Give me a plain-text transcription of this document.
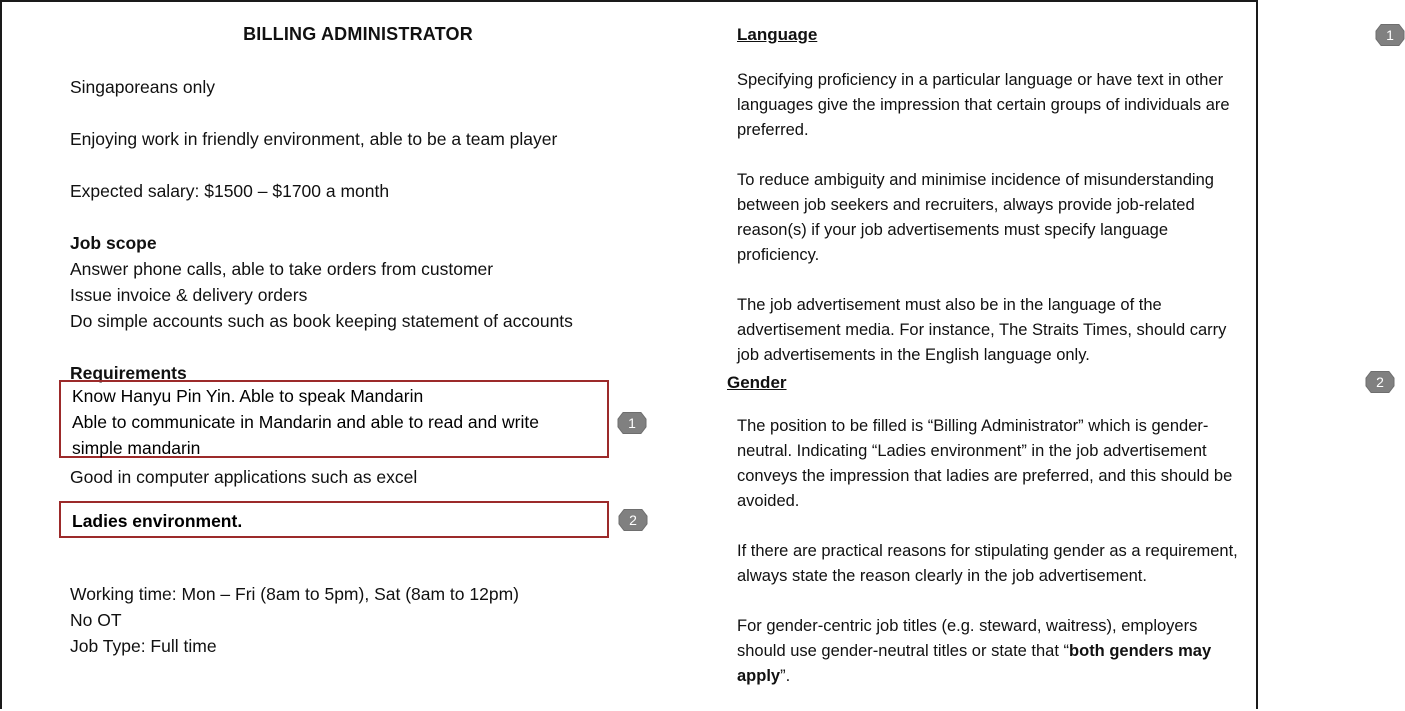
BILLING ADMINISTRATOR
Singaporeans only
Enjoying work in friendly environment, able to be a team player
Expected salary: $1500 – $1700 a month
Job scope
Answer phone calls, able to take orders from customer
Issue invoice & delivery orders
Do simple accounts such as book keeping statement of accounts
Requirements
Good in computer applications such as excel
Working time: Mon – Fri (8am to 5pm), Sat (8am to 12pm)
No OT
Job Type: Full time
Know Hanyu Pin Yin. Able to speak Mandarin
Able to communicate in Mandarin and able to read and write
simple mandarin
Ladies environment.
1
2
1
Language

Specifying proficiency in a particular language or have text in other languages give the impression that certain groups of individuals are preferred.

To reduce ambiguity and minimise incidence of misunderstanding between job seekers and recruiters, always provide job-related reason(s) if your job advertisements must specify language proficiency.

The job advertisement must also be in the language of the advertisement media. For instance, The Straits Times, should carry job advertisements in the English language only.

2
Gender

The position to be filled is “Billing Administrator” which is gender-neutral. Indicating “Ladies environment” in the job advertisement conveys the impression that ladies are preferred, and this should be avoided.

If there are practical reasons for stipulating gender as a requirement, always state the reason clearly in the job advertisement.

For gender-centric job titles (e.g. steward, waitress), employers should use gender-neutral titles or state that “both genders may apply”.
